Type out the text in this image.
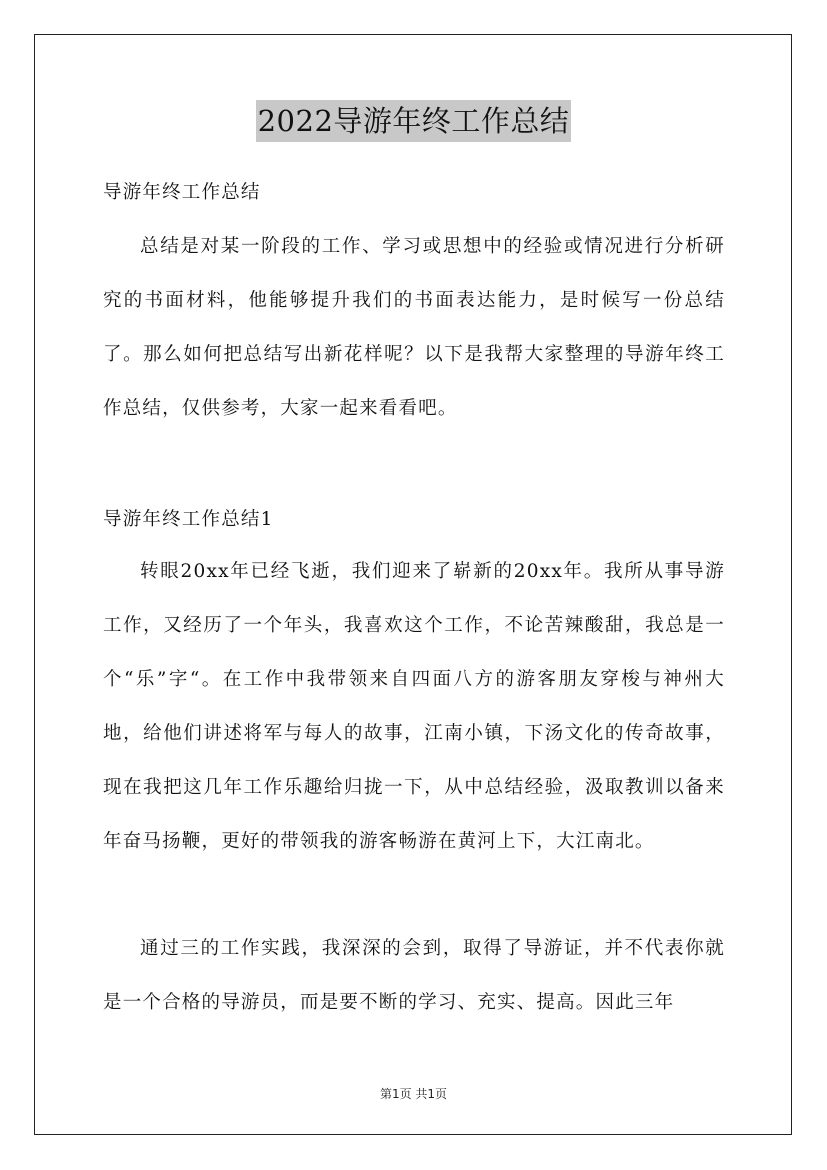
2022导游年终工作总结
导游年终工作总结
总结是对某一阶段的工作、学习或思想中的经验或情况进行分析研究的书面材料，他能够提升我们的书面表达能力，是时候写一份总结了。那么如何把总结写出新花样呢？以下是我帮大家整理的导游年终工作总结，仅供参考，大家一起来看看吧。
导游年终工作总结1
转眼20xx年已经飞逝，我们迎来了崭新的20xx年。我所从事导游工作，又经历了一个年头，我喜欢这个工作，不论苦辣酸甜，我总是一个“乐”字“。在工作中我带领来自四面八方的游客朋友穿梭与神州大地，给他们讲述将军与每人的故事，江南小镇，下汤文化的传奇故事，现在我把这几年工作乐趣给归拢一下，从中总结经验，汲取教训以备来年奋马扬鞭，更好的带领我的游客畅游在黄河上下，大江南北。
通过三的工作实践，我深深的会到，取得了导游证，并不代表你就是一个合格的导游员，而是要不断的学习、充实、提高。因此三年
第1页 共1页
